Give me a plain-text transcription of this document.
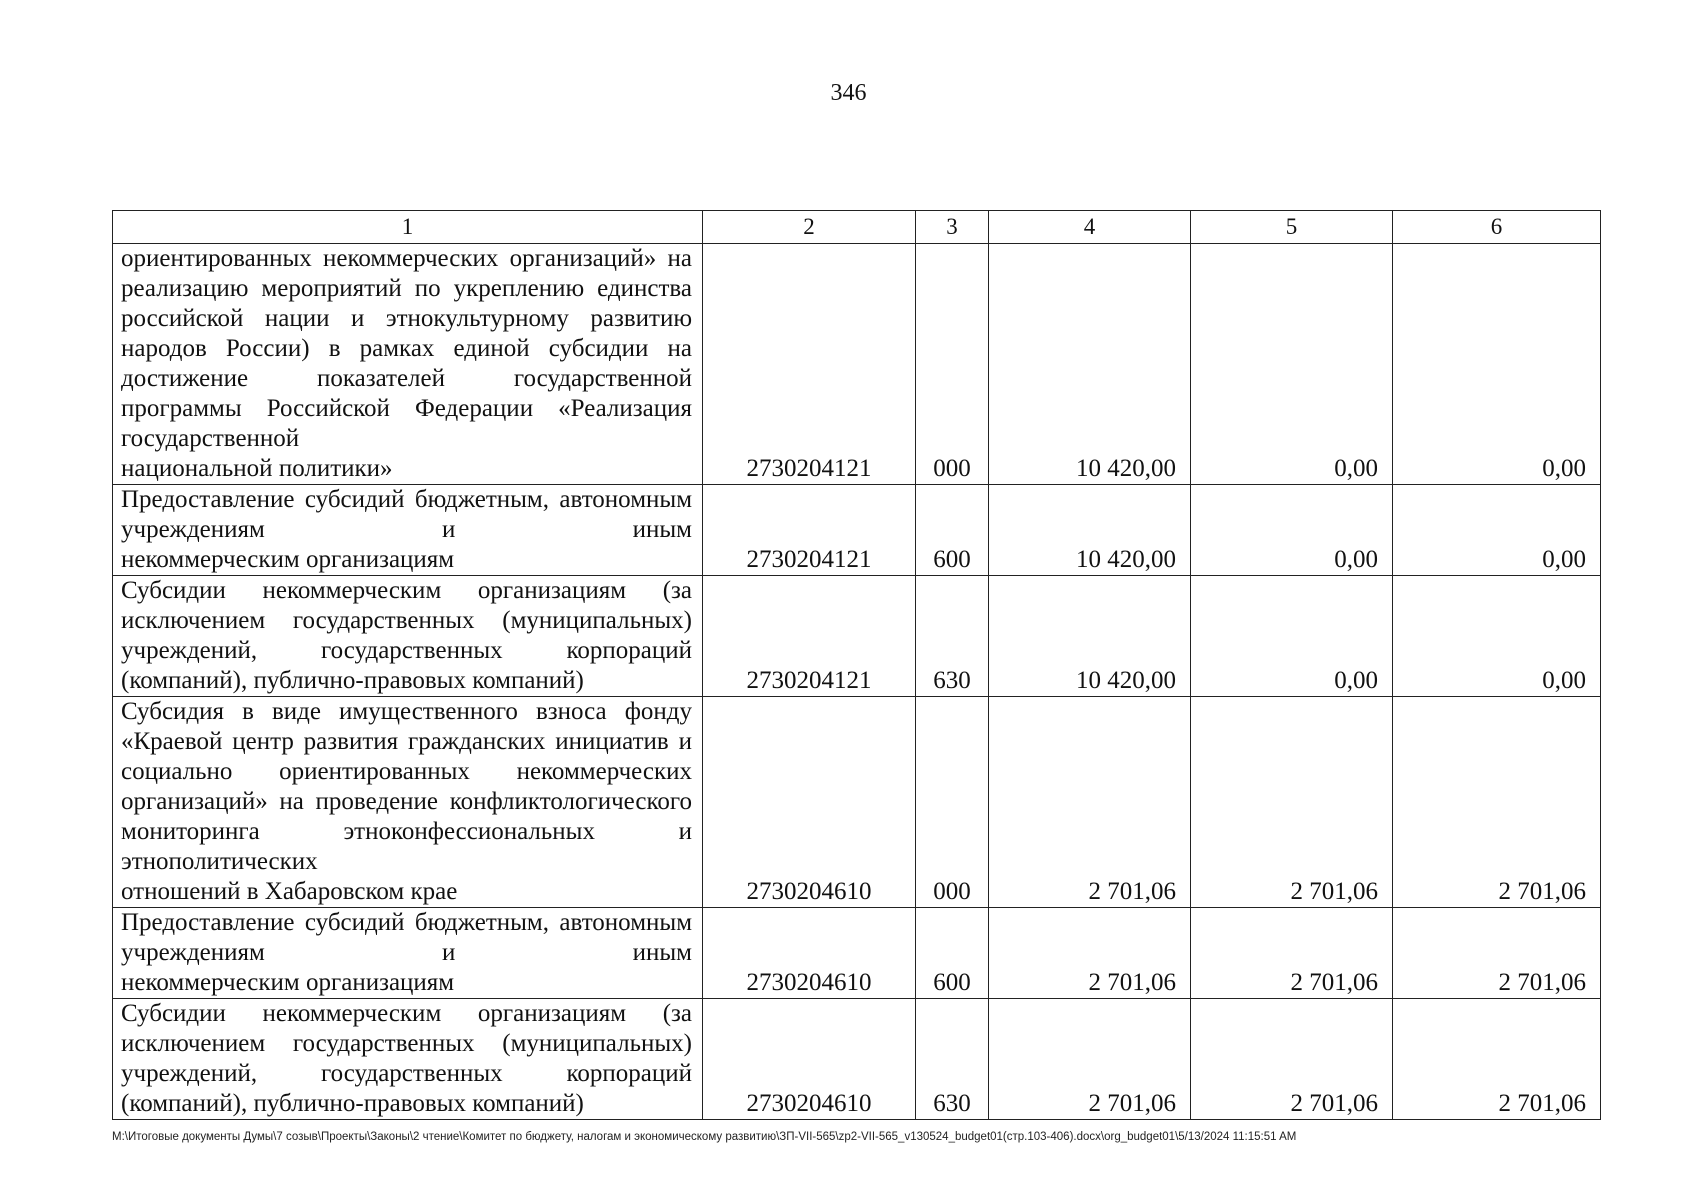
346
1	2	3	4	5	6
ориентированных некоммерческих организаций» на реализацию мероприятий по укреплению единства российской нации и этнокультурному развитию народов России) в рамках единой субсидии на достижение показателей государственной программы Российской Федерации «Реализация государственной
национальной политики»	2730204121	000	10 420,00	0,00	0,00
Предоставление субсидий бюджетным, автономным учреждениям и иным
некоммерческим организациям	2730204121	600	10 420,00	0,00	0,00
Субсидии некоммерческим организациям (за исключением государственных (муниципальных) учреждений, государственных корпораций
(компаний), публично-правовых компаний)	2730204121	630	10 420,00	0,00	0,00
Субсидия в виде имущественного взноса фонду «Краевой центр развития гражданских инициатив и социально ориентированных некоммерческих организаций» на проведение конфликтологического мониторинга этноконфессиональных и этнополитических
отношений в Хабаровском крае	2730204610	000	2 701,06	2 701,06	2 701,06
Предоставление субсидий бюджетным, автономным учреждениям и иным
некоммерческим организациям	2730204610	600	2 701,06	2 701,06	2 701,06
Субсидии некоммерческим организациям (за исключением государственных (муниципальных) учреждений, государственных корпораций
(компаний), публично-правовых компаний)	2730204610	630	2 701,06	2 701,06	2 701,06
M:\Итоговые документы Думы\7 созыв\Проекты\Законы\2 чтение\Комитет по бюджету, налогам и экономическому развитию\ЗП-VII-565\zp2-VII-565_v130524_budget01(стр.103-406).docx\org_budget01\5/13/2024 11:15:51 AM
